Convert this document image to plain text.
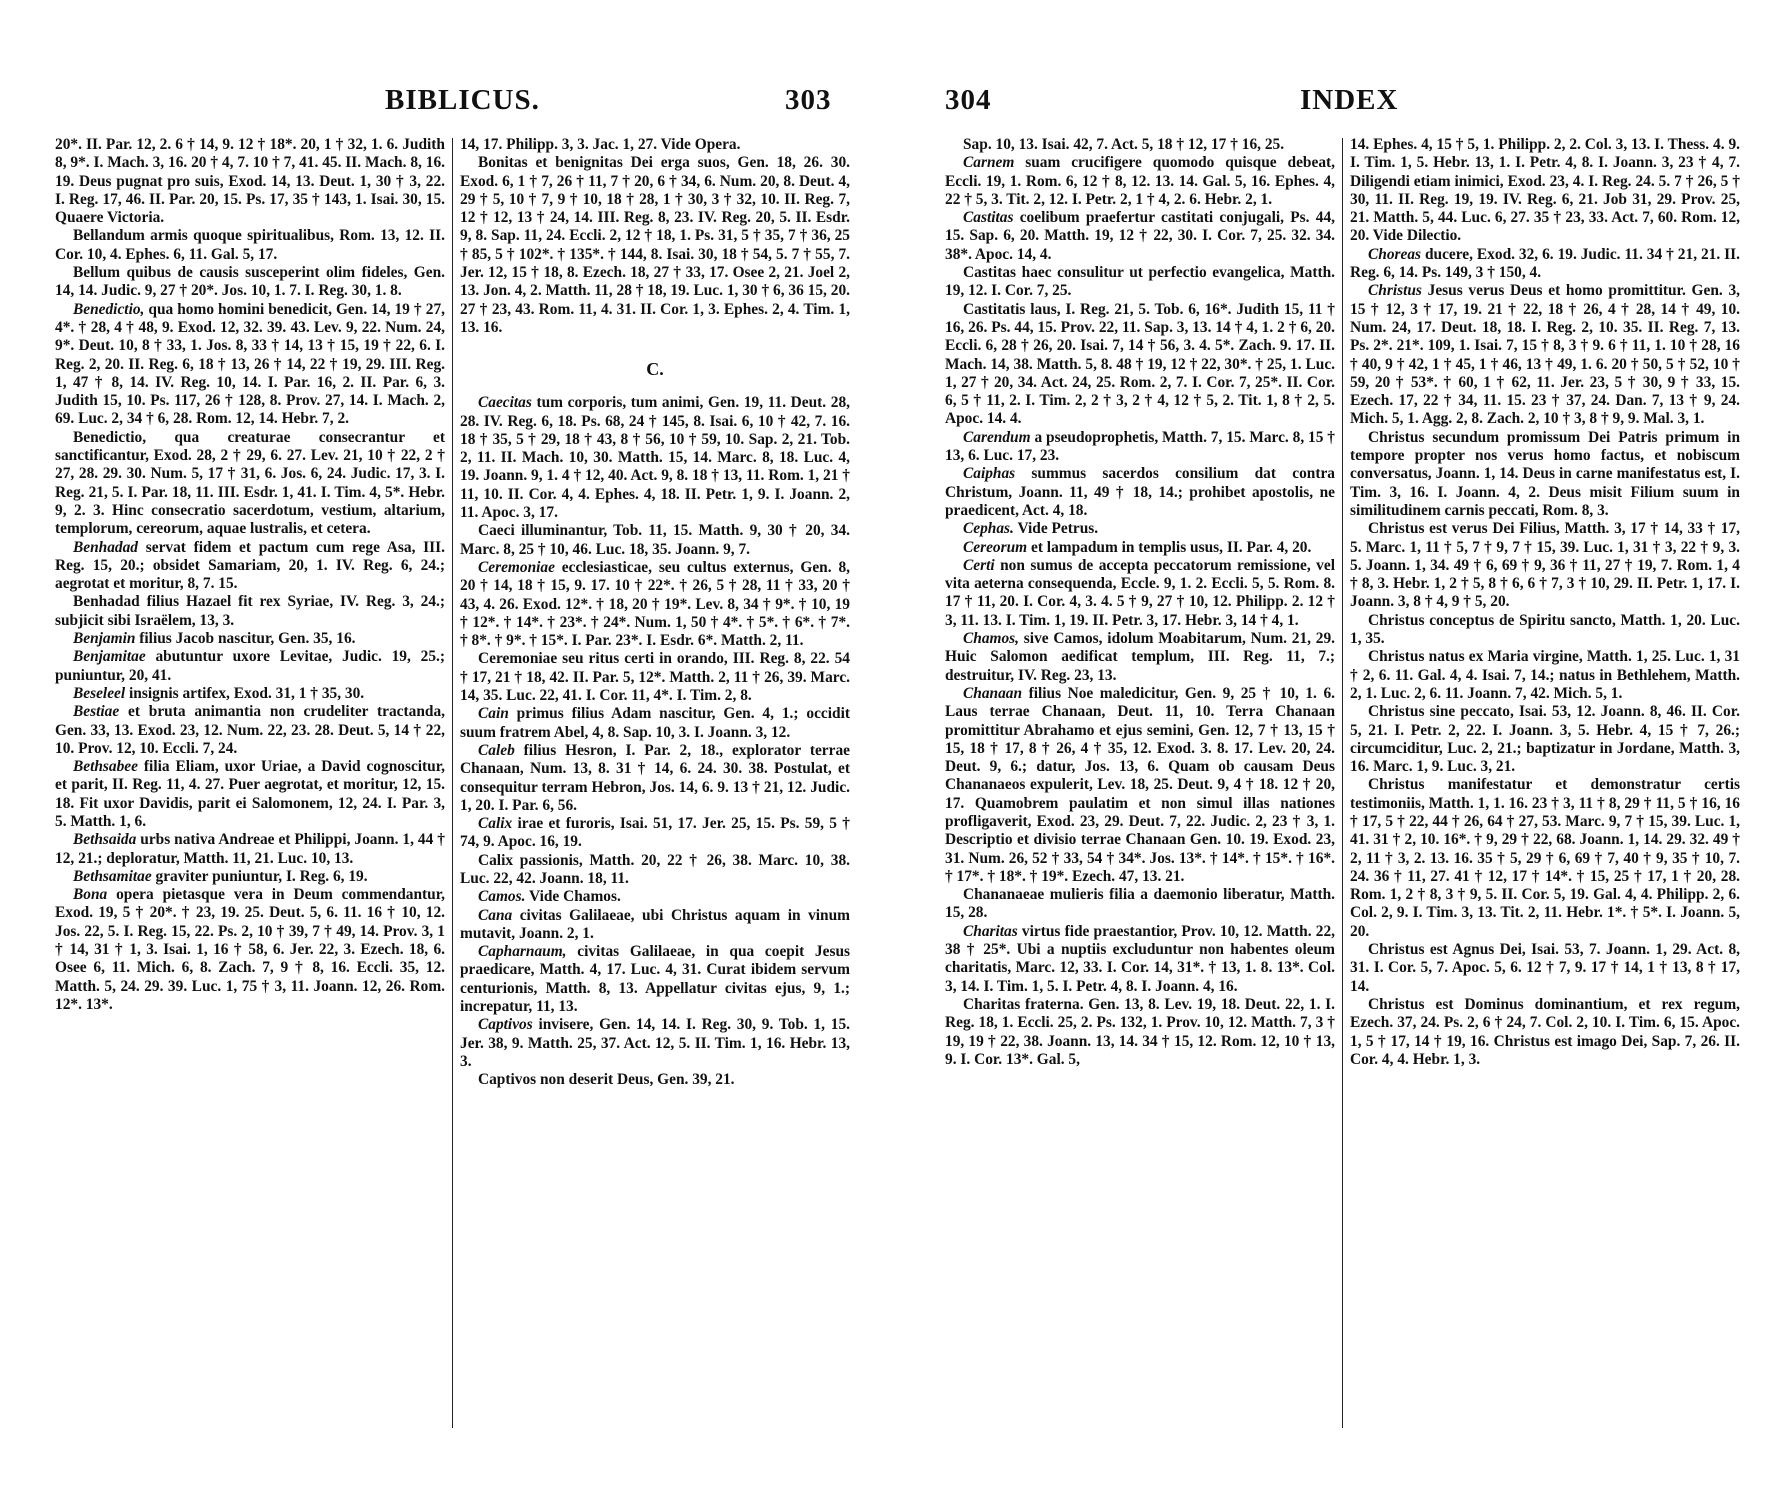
BIBLICUS.	303

20*. II. Par. 12, 2. 6 † 14, 9. 12 † 18*. 20, 1 † 32, 1. 6. Judith 8, 9*. I. Mach. 3, 16. 20 † 4, 7. 10 † 7, 41. 45. II. Mach. 8, 16. 19. Deus pugnat pro suis, Exod. 14, 13. Deut. 1, 30 † 3, 22. I. Reg. 17, 46. II. Par. 20, 15. Ps. 17, 35 † 143, 1. Isai. 30, 15. Quaere Victoria.

Bellandum armis quoque spiritualibus, Rom. 13, 12. II. Cor. 10, 4. Ephes. 6, 11. Gal. 5, 17.

Bellum quibus de causis susceperint olim fideles, Gen. 14, 14. Judic. 9, 27 † 20*. Jos. 10, 1. 7. I. Reg. 30, 1. 8.

Benedictio, qua homo homini benedicit, Gen. 14, 19 † 27, 4*. † 28, 4 † 48, 9. Exod. 12, 32. 39. 43. Lev. 9, 22. Num. 24, 9*. Deut. 10, 8 † 33, 1. Jos. 8, 33 † 14, 13 † 15, 19 † 22, 6. I. Reg. 2, 20. II. Reg. 6, 18 † 13, 26 † 14, 22 † 19, 29. III. Reg. 1, 47 † 8, 14. IV. Reg. 10, 14. I. Par. 16, 2. II. Par. 6, 3. Judith 15, 10. Ps. 117, 26 † 128, 8. Prov. 27, 14. I. Mach. 2, 69. Luc. 2, 34 † 6, 28. Rom. 12, 14. Hebr. 7, 2.

Benedictio, qua creaturae consecrantur et sanctificantur, Exod. 28, 2 † 29, 6. 27. Lev. 21, 10 † 22, 2 † 27, 28. 29. 30. Num. 5, 17 † 31, 6. Jos. 6, 24. Judic. 17, 3. I. Reg. 21, 5. I. Par. 18, 11. III. Esdr. 1, 41. I. Tim. 4, 5*. Hebr. 9, 2. 3. Hinc consecratio sacerdotum, vestium, altarium, templorum, cereorum, aquae lustralis, et cetera.

Benhadad servat fidem et pactum cum rege Asa, III. Reg. 15, 20.; obsidet Samariam, 20, 1. IV. Reg. 6, 24.; aegrotat et moritur, 8, 7. 15.

Benhadad filius Hazael fit rex Syriae, IV. Reg. 3, 24.; subjicit sibi Israëlem, 13, 3.

Benjamin filius Jacob nascitur, Gen. 35, 16.

Benjamitae abutuntur uxore Levitae, Judic. 19, 25.; puniuntur, 20, 41.

Beseleel insignis artifex, Exod. 31, 1 † 35, 30.

Bestiae et bruta animantia non crudeliter tractanda, Gen. 33, 13. Exod. 23, 12. Num. 22, 23. 28. Deut. 5, 14 † 22, 10. Prov. 12, 10. Eccli. 7, 24.

Bethsabee filia Eliam, uxor Uriae, a David cognoscitur, et parit, II. Reg. 11, 4. 27. Puer aegrotat, et moritur, 12, 15. 18. Fit uxor Davidis, parit ei Salomonem, 12, 24. I. Par. 3, 5. Matth. 1, 6.

Bethsaida urbs nativa Andreae et Philippi, Joann. 1, 44 † 12, 21.; deploratur, Matth. 11, 21. Luc. 10, 13.

Bethsamitae graviter puniuntur, I. Reg. 6, 19.

Bona opera pietasque vera in Deum commendantur, Exod. 19, 5 † 20*. † 23, 19. 25. Deut. 5, 6. 11. 16 † 10, 12. Jos. 22, 5. I. Reg. 15, 22. Ps. 2, 10 † 39, 7 † 49, 14. Prov. 3, 1 † 14, 31 † 1, 3. Isai. 1, 16 † 58, 6. Jer. 22, 3. Ezech. 18, 6. Osee 6, 11. Mich. 6, 8. Zach. 7, 9 † 8, 16. Eccli. 35, 12. Matth. 5, 24. 29. 39. Luc. 1, 75 † 3, 11. Joann. 12, 26. Rom. 12*. 13*.

14, 17. Philipp. 3, 3. Jac. 1, 27. Vide Opera.

Bonitas et benignitas Dei erga suos, Gen. 18, 26. 30. Exod. 6, 1 † 7, 26 † 11, 7 † 20, 6 † 34, 6. Num. 20, 8. Deut. 4, 29 † 5, 10 † 7, 9 † 10, 18 † 28, 1 † 30, 3 † 32, 10. II. Reg. 7, 12 † 12, 13 † 24, 14. III. Reg. 8, 23. IV. Reg. 20, 5. II. Esdr. 9, 8. Sap. 11, 24. Eccli. 2, 12 † 18, 1. Ps. 31, 5 † 35, 7 † 36, 25 † 85, 5 † 102*. † 135*. † 144, 8. Isai. 30, 18 † 54, 5. 7 † 55, 7. Jer. 12, 15 † 18, 8. Ezech. 18, 27 † 33, 17. Osee 2, 21. Joel 2, 13. Jon. 4, 2. Matth. 11, 28 † 18, 19. Luc. 1, 30 † 6, 36 15, 20. 27 † 23, 43. Rom. 11, 4. 31. II. Cor. 1, 3. Ephes. 2, 4. Tim. 1, 13. 16.

C.

Caecitas tum corporis, tum animi, Gen. 19, 11. Deut. 28, 28. IV. Reg. 6, 18. Ps. 68, 24 † 145, 8. Isai. 6, 10 † 42, 7. 16. 18 † 35, 5 † 29, 18 † 43, 8 † 56, 10 † 59, 10. Sap. 2, 21. Tob. 2, 11. II. Mach. 10, 30. Matth. 15, 14. Marc. 8, 18. Luc. 4, 19. Joann. 9, 1. 4 † 12, 40. Act. 9, 8. 18 † 13, 11. Rom. 1, 21 † 11, 10. II. Cor. 4, 4. Ephes. 4, 18. II. Petr. 1, 9. I. Joann. 2, 11. Apoc. 3, 17.

Caeci illuminantur, Tob. 11, 15. Matth. 9, 30 † 20, 34. Marc. 8, 25 † 10, 46. Luc. 18, 35. Joann. 9, 7.

Ceremoniae ecclesiasticae, seu cultus externus, Gen. 8, 20 † 14, 18 † 15, 9. 17. 10 † 22*. † 26, 5 † 28, 11 † 33, 20 † 43, 4. 26. Exod. 12*. † 18, 20 † 19*. Lev. 8, 34 † 9*. † 10, 19 † 12*. † 14*. † 23*. † 24*. Num. 1, 50 † 4*. † 5*. † 6*. † 7*. † 8*. † 9*. † 15*. I. Par. 23*. I. Esdr. 6*. Matth. 2, 11.

Ceremoniae seu ritus certi in orando, III. Reg. 8, 22. 54 † 17, 21 † 18, 42. II. Par. 5, 12*. Matth. 2, 11 † 26, 39. Marc. 14, 35. Luc. 22, 41. I. Cor. 11, 4*. I. Tim. 2, 8.

Cain primus filius Adam nascitur, Gen. 4, 1.; occidit suum fratrem Abel, 4, 8. Sap. 10, 3. I. Joann. 3, 12.

Caleb filius Hesron, I. Par. 2, 18., explorator terrae Chanaan, Num. 13, 8. 31 † 14, 6. 24. 30. 38. Postulat, et consequitur terram Hebron, Jos. 14, 6. 9. 13 † 21, 12. Judic. 1, 20. I. Par. 6, 56.

Calix irae et furoris, Isai. 51, 17. Jer. 25, 15. Ps. 59, 5 † 74, 9. Apoc. 16, 19.

Calix passionis, Matth. 20, 22 † 26, 38. Marc. 10, 38. Luc. 22, 42. Joann. 18, 11.

Camos. Vide Chamos.

Cana civitas Galilaeae, ubi Christus aquam in vinum mutavit, Joann. 2, 1.

Capharnaum, civitas Galilaeae, in qua coepit Jesus praedicare, Matth. 4, 17. Luc. 4, 31. Curat ibidem servum centurionis, Matth. 8, 13. Appellatur civitas ejus, 9, 1.; increpatur, 11, 13.

Captivos invisere, Gen. 14, 14. I. Reg. 30, 9. Tob. 1, 15. Jer. 38, 9. Matth. 25, 37. Act. 12, 5. II. Tim. 1, 16. Hebr. 13, 3.

Captivos non deserit Deus, Gen. 39, 21.

304	INDEX

Sap. 10, 13. Isai. 42, 7. Act. 5, 18 † 12, 17 † 16, 25.

Carnem suam crucifigere quomodo quisque debeat, Eccli. 19, 1. Rom. 6, 12 † 8, 12. 13. 14. Gal. 5, 16. Ephes. 4, 22 † 5, 3. Tit. 2, 12. I. Petr. 2, 1 † 4, 2. 6. Hebr. 2, 1.

Castitas coelibum praefertur castitati conjugali, Ps. 44, 15. Sap. 6, 20. Matth. 19, 12 † 22, 30. I. Cor. 7, 25. 32. 34. 38*. Apoc. 14, 4.

Castitas haec consulitur ut perfectio evangelica, Matth. 19, 12. I. Cor. 7, 25.

Castitatis laus, I. Reg. 21, 5. Tob. 6, 16*. Judith 15, 11 † 16, 26. Ps. 44, 15. Prov. 22, 11. Sap. 3, 13. 14 † 4, 1. 2 † 6, 20. Eccli. 6, 28 † 26, 20. Isai. 7, 14 † 56, 3. 4. 5*. Zach. 9. 17. II. Mach. 14, 38. Matth. 5, 8. 48 † 19, 12 † 22, 30*. † 25, 1. Luc. 1, 27 † 20, 34. Act. 24, 25. Rom. 2, 7. I. Cor. 7, 25*. II. Cor. 6, 5 † 11, 2. I. Tim. 2, 2 † 3, 2 † 4, 12 † 5, 2. Tit. 1, 8 † 2, 5. Apoc. 14. 4.

Carendum a pseudoprophetis, Matth. 7, 15. Marc. 8, 15 † 13, 6. Luc. 17, 23.

Caiphas summus sacerdos consilium dat contra Christum, Joann. 11, 49 † 18, 14.; prohibet apostolis, ne praedicent, Act. 4, 18.

Cephas. Vide Petrus.

Cereorum et lampadum in templis usus, II. Par. 4, 20.

Certi non sumus de accepta peccatorum remissione, vel vita aeterna consequenda, Eccle. 9, 1. 2. Eccli. 5, 5. Rom. 8. 17 † 11, 20. I. Cor. 4, 3. 4. 5 † 9, 27 † 10, 12. Philipp. 2. 12 † 3, 11. 13. I. Tim. 1, 19. II. Petr. 3, 17. Hebr. 3, 14 † 4, 1.

Chamos, sive Camos, idolum Moabitarum, Num. 21, 29. Huic Salomon aedificat templum, III. Reg. 11, 7.; destruitur, IV. Reg. 23, 13.

Chanaan filius Noe maledicitur, Gen. 9, 25 † 10, 1. 6. Laus terrae Chanaan, Deut. 11, 10. Terra Chanaan promittitur Abrahamo et ejus semini, Gen. 12, 7 † 13, 15 † 15, 18 † 17, 8 † 26, 4 † 35, 12. Exod. 3. 8. 17. Lev. 20, 24. Deut. 9, 6.; datur, Jos. 13, 6. Quam ob causam Deus Chananaeos expulerit, Lev. 18, 25. Deut. 9, 4 † 18. 12 † 20, 17. Quamobrem paulatim et non simul illas nationes profligaverit, Exod. 23, 29. Deut. 7, 22. Judic. 2, 23 † 3, 1. Descriptio et divisio terrae Chanaan Gen. 10. 19. Exod. 23, 31. Num. 26, 52 † 33, 54 † 34*. Jos. 13*. † 14*. † 15*. † 16*. † 17*. † 18*. † 19*. Ezech. 47, 13. 21.

Chananaeae mulieris filia a daemonio liberatur, Matth. 15, 28.

Charitas virtus fide praestantior, Prov. 10, 12. Matth. 22, 38 † 25*. Ubi a nuptiis excluduntur non habentes oleum charitatis, Marc. 12, 33. I. Cor. 14, 31*. † 13, 1. 8. 13*. Col. 3, 14. I. Tim. 1, 5. I. Petr. 4, 8. I. Joann. 4, 16.

Charitas fraterna. Gen. 13, 8. Lev. 19, 18. Deut. 22, 1. I. Reg. 18, 1. Eccli. 25, 2. Ps. 132, 1. Prov. 10, 12. Matth. 7, 3 † 19, 19 † 22, 38. Joann. 13, 14. 34 † 15, 12. Rom. 12, 10 † 13, 9. I. Cor. 13*. Gal. 5,

14. Ephes. 4, 15 † 5, 1. Philipp. 2, 2. Col. 3, 13. I. Thess. 4. 9. I. Tim. 1, 5. Hebr. 13, 1. I. Petr. 4, 8. I. Joann. 3, 23 † 4, 7. Diligendi etiam inimici, Exod. 23, 4. I. Reg. 24. 5. 7 † 26, 5 † 30, 11. II. Reg. 19, 19. IV. Reg. 6, 21. Job 31, 29. Prov. 25, 21. Matth. 5, 44. Luc. 6, 27. 35 † 23, 33. Act. 7, 60. Rom. 12, 20. Vide Dilectio.

Choreas ducere, Exod. 32, 6. 19. Judic. 11. 34 † 21, 21. II. Reg. 6, 14. Ps. 149, 3 † 150, 4.

Christus Jesus verus Deus et homo promittitur. Gen. 3, 15 † 12, 3 † 17, 19. 21 † 22, 18 † 26, 4 † 28, 14 † 49, 10. Num. 24, 17. Deut. 18, 18. I. Reg. 2, 10. 35. II. Reg. 7, 13. Ps. 2*. 21*. 109, 1. Isai. 7, 15 † 8, 3 † 9. 6 † 11, 1. 10 † 28, 16 † 40, 9 † 42, 1 † 45, 1 † 46, 13 † 49, 1. 6. 20 † 50, 5 † 52, 10 † 59, 20 † 53*. † 60, 1 † 62, 11. Jer. 23, 5 † 30, 9 † 33, 15. Ezech. 17, 22 † 34, 11. 15. 23 † 37, 24. Dan. 7, 13 † 9, 24. Mich. 5, 1. Agg. 2, 8. Zach. 2, 10 † 3, 8 † 9, 9. Mal. 3, 1.

Christus secundum promissum Dei Patris primum in tempore propter nos verus homo factus, et nobiscum conversatus, Joann. 1, 14. Deus in carne manifestatus est, I. Tim. 3, 16. I. Joann. 4, 2. Deus misit Filium suum in similitudinem carnis peccati, Rom. 8, 3.

Christus est verus Dei Filius, Matth. 3, 17 † 14, 33 † 17, 5. Marc. 1, 11 † 5, 7 † 9, 7 † 15, 39. Luc. 1, 31 † 3, 22 † 9, 3. 5. Joann. 1, 34. 49 † 6, 69 † 9, 36 † 11, 27 † 19, 7. Rom. 1, 4 † 8, 3. Hebr. 1, 2 † 5, 8 † 6, 6 † 7, 3 † 10, 29. II. Petr. 1, 17. I. Joann. 3, 8 † 4, 9 † 5, 20.

Christus conceptus de Spiritu sancto, Matth. 1, 20. Luc. 1, 35.

Christus natus ex Maria virgine, Matth. 1, 25. Luc. 1, 31 † 2, 6. 11. Gal. 4, 4. Isai. 7, 14.; natus in Bethlehem, Matth. 2, 1. Luc. 2, 6. 11. Joann. 7, 42. Mich. 5, 1.

Christus sine peccato, Isai. 53, 12. Joann. 8, 46. II. Cor. 5, 21. I. Petr. 2, 22. I. Joann. 3, 5. Hebr. 4, 15 † 7, 26.; circumciditur, Luc. 2, 21.; baptizatur in Jordane, Matth. 3, 16. Marc. 1, 9. Luc. 3, 21.

Christus manifestatur et demonstratur certis testimoniis, Matth. 1, 1. 16. 23 † 3, 11 † 8, 29 † 11, 5 † 16, 16 † 17, 5 † 22, 44 † 26, 64 † 27, 53. Marc. 9, 7 † 15, 39. Luc. 1, 41. 31 † 2, 10. 16*. † 9, 29 † 22, 68. Joann. 1, 14. 29. 32. 49 † 2, 11 † 3, 2. 13. 16. 35 † 5, 29 † 6, 69 † 7, 40 † 9, 35 † 10, 7. 24. 36 † 11, 27. 41 † 12, 17 † 14*. † 15, 25 † 17, 1 † 20, 28. Rom. 1, 2 † 8, 3 † 9, 5. II. Cor. 5, 19. Gal. 4, 4. Philipp. 2, 6. Col. 2, 9. I. Tim. 3, 13. Tit. 2, 11. Hebr. 1*. † 5*. I. Joann. 5, 20.

Christus est Agnus Dei, Isai. 53, 7. Joann. 1, 29. Act. 8, 31. I. Cor. 5, 7. Apoc. 5, 6. 12 † 7, 9. 17 † 14, 1 † 13, 8 † 17, 14.

Christus est Dominus dominantium, et rex regum, Ezech. 37, 24. Ps. 2, 6 † 24, 7. Col. 2, 10. I. Tim. 6, 15. Apoc. 1, 5 † 17, 14 † 19, 16. Christus est imago Dei, Sap. 7, 26. II. Cor. 4, 4. Hebr. 1, 3.
